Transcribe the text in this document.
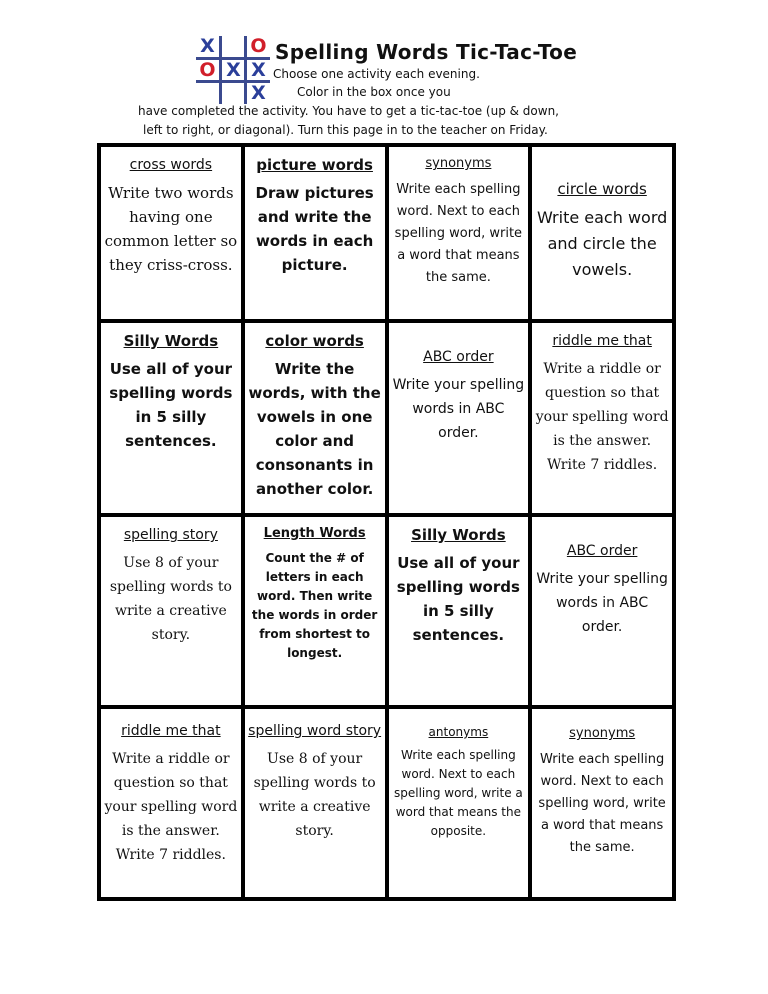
X O
O X X
X
Spelling Words Tic-Tac-Toe
Choose one activity each evening.
Color in the box once you
have completed the activity. You have to get a tic-tac-toe (up & down,
left to right, or diagonal). Turn this page in to the teacher on Friday.
cross words
Write two words having one common letter so they criss-cross.
picture words
Draw pictures and write the words in each picture.
synonyms
Write each spelling word. Next to each spelling word, write a word that means the same.
circle words
Write each word and circle the vowels.
Silly Words
Use all of your spelling words in 5 silly sentences.
color words
Write the words, with the vowels in one color and consonants in another color.
ABC order
Write your spelling words in ABC order.
riddle me that
Write a riddle or question so that your spelling word is the answer. Write 7 riddles.
spelling story
Use 8 of your spelling words to write a creative story.
Length Words
Count the # of letters in each word. Then write the words in order from shortest to longest.
Silly Words
Use all of your spelling words in 5 silly sentences.
ABC order
Write your spelling words in ABC order.
riddle me that
Write a riddle or question so that your spelling word is the answer. Write 7 riddles.
spelling word story
Use 8 of your spelling words to write a creative story.
antonyms
Write each spelling word. Next to each spelling word, write a word that means the opposite.
synonyms
Write each spelling word. Next to each spelling word, write a word that means the same.
